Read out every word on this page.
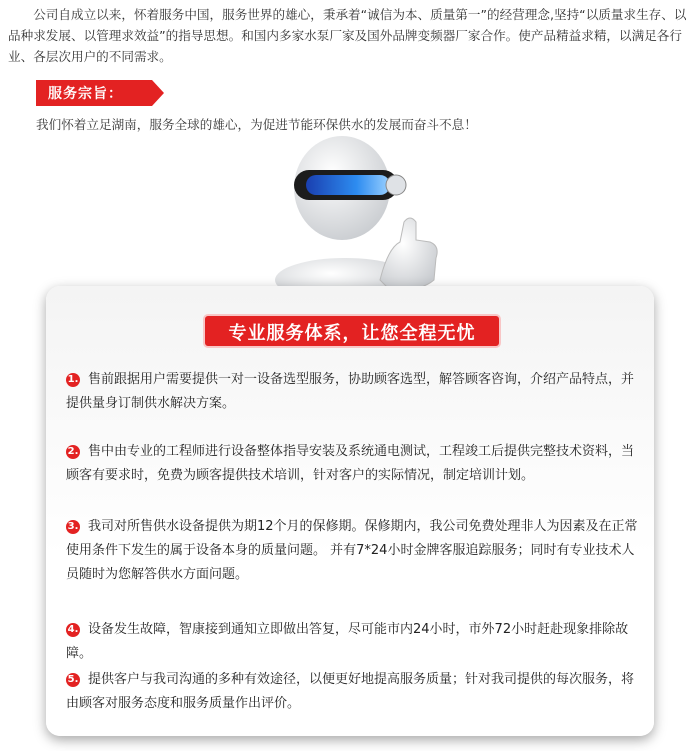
公司自成立以来，怀着服务中国，服务世界的雄心，秉承着“诚信为本、质量第一”的经营理念,坚持“以质量求生存、以品种求发展、以管理求效益”的指导思想。和国内多家水泵厂家及国外品牌变频器厂家合作。使产品精益求精，以满足各行业、各层次用户的不同需求。

服务宗旨：

我们怀着立足湖南，服务全球的雄心，为促进节能环保供水的发展而奋斗不息！

专业服务体系，让您全程无忧

1. 售前跟据用户需要提供一对一设备选型服务，协助顾客选型，解答顾客咨询，介绍产品特点，并提供量身订制供水解决方案。

2. 售中由专业的工程师进行设备整体指导安装及系统通电测试，工程竣工后提供完整技术资料，当顾客有要求时，免费为顾客提供技术培训，针对客户的实际情况，制定培训计划。

3. 我司对所售供水设备提供为期12个月的保修期。保修期内，我公司免费处理非人为因素及在正常使用条件下发生的属于设备本身的质量问题。 并有7*24小时金牌客服追踪服务；同时有专业技术人员随时为您解答供水方面问题。

4. 设备发生故障，智康接到通知立即做出答复，尽可能市内24小时，市外72小时赶赴现象排除故障。

5. 提供客户与我司沟通的多种有效途径，以便更好地提高服务质量；针对我司提供的每次服务，将由顾客对服务态度和服务质量作出评价。
